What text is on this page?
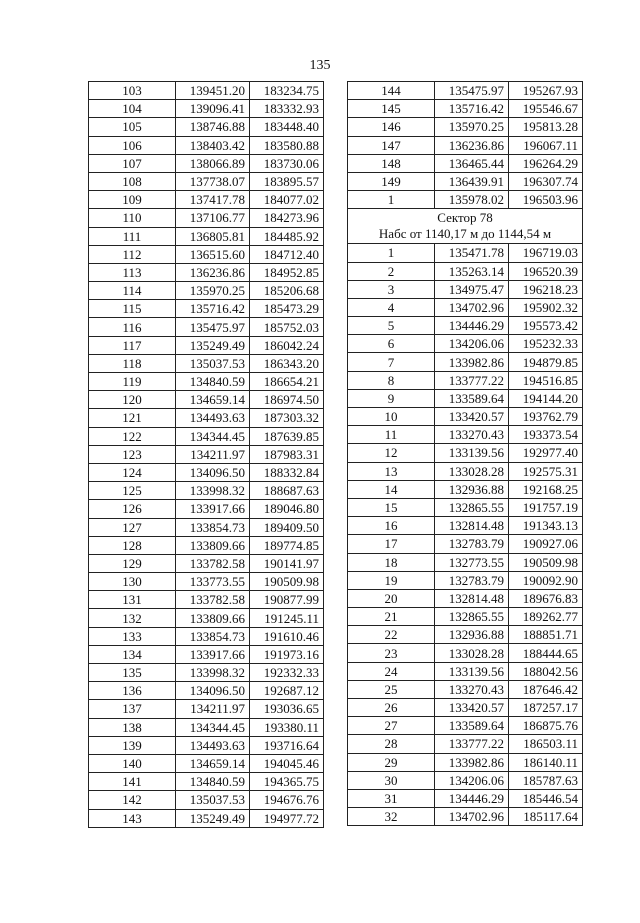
135
103	139451.20	183234.75
104	139096.41	183332.93
105	138746.88	183448.40
106	138403.42	183580.88
107	138066.89	183730.06
108	137738.07	183895.57
109	137417.78	184077.02
110	137106.77	184273.96
111	136805.81	184485.92
112	136515.60	184712.40
113	136236.86	184952.85
114	135970.25	185206.68
115	135716.42	185473.29
116	135475.97	185752.03
117	135249.49	186042.24
118	135037.53	186343.20
119	134840.59	186654.21
120	134659.14	186974.50
121	134493.63	187303.32
122	134344.45	187639.85
123	134211.97	187983.31
124	134096.50	188332.84
125	133998.32	188687.63
126	133917.66	189046.80
127	133854.73	189409.50
128	133809.66	189774.85
129	133782.58	190141.97
130	133773.55	190509.98
131	133782.58	190877.99
132	133809.66	191245.11
133	133854.73	191610.46
134	133917.66	191973.16
135	133998.32	192332.33
136	134096.50	192687.12
137	134211.97	193036.65
138	134344.45	193380.11
139	134493.63	193716.64
140	134659.14	194045.46
141	134840.59	194365.75
142	135037.53	194676.76
143	135249.49	194977.72
144	135475.97	195267.93
145	135716.42	195546.67
146	135970.25	195813.28
147	136236.86	196067.11
148	136465.44	196264.29
149	136439.91	196307.74
1	135978.02	196503.96

Сектор 78
Набс от 1140,17 м до 1144,54 м		

1	135471.78	196719.03
2	135263.14	196520.39
3	134975.47	196218.23
4	134702.96	195902.32
5	134446.29	195573.42
6	134206.06	195232.33
7	133982.86	194879.85
8	133777.22	194516.85
9	133589.64	194144.20
10	133420.57	193762.79
11	133270.43	193373.54
12	133139.56	192977.40
13	133028.28	192575.31
14	132936.88	192168.25
15	132865.55	191757.19
16	132814.48	191343.13
17	132783.79	190927.06
18	132773.55	190509.98
19	132783.79	190092.90
20	132814.48	189676.83
21	132865.55	189262.77
22	132936.88	188851.71
23	133028.28	188444.65
24	133139.56	188042.56
25	133270.43	187646.42
26	133420.57	187257.17
27	133589.64	186875.76
28	133777.22	186503.11
29	133982.86	186140.11
30	134206.06	185787.63
31	134446.29	185446.54
32	134702.96	185117.64
